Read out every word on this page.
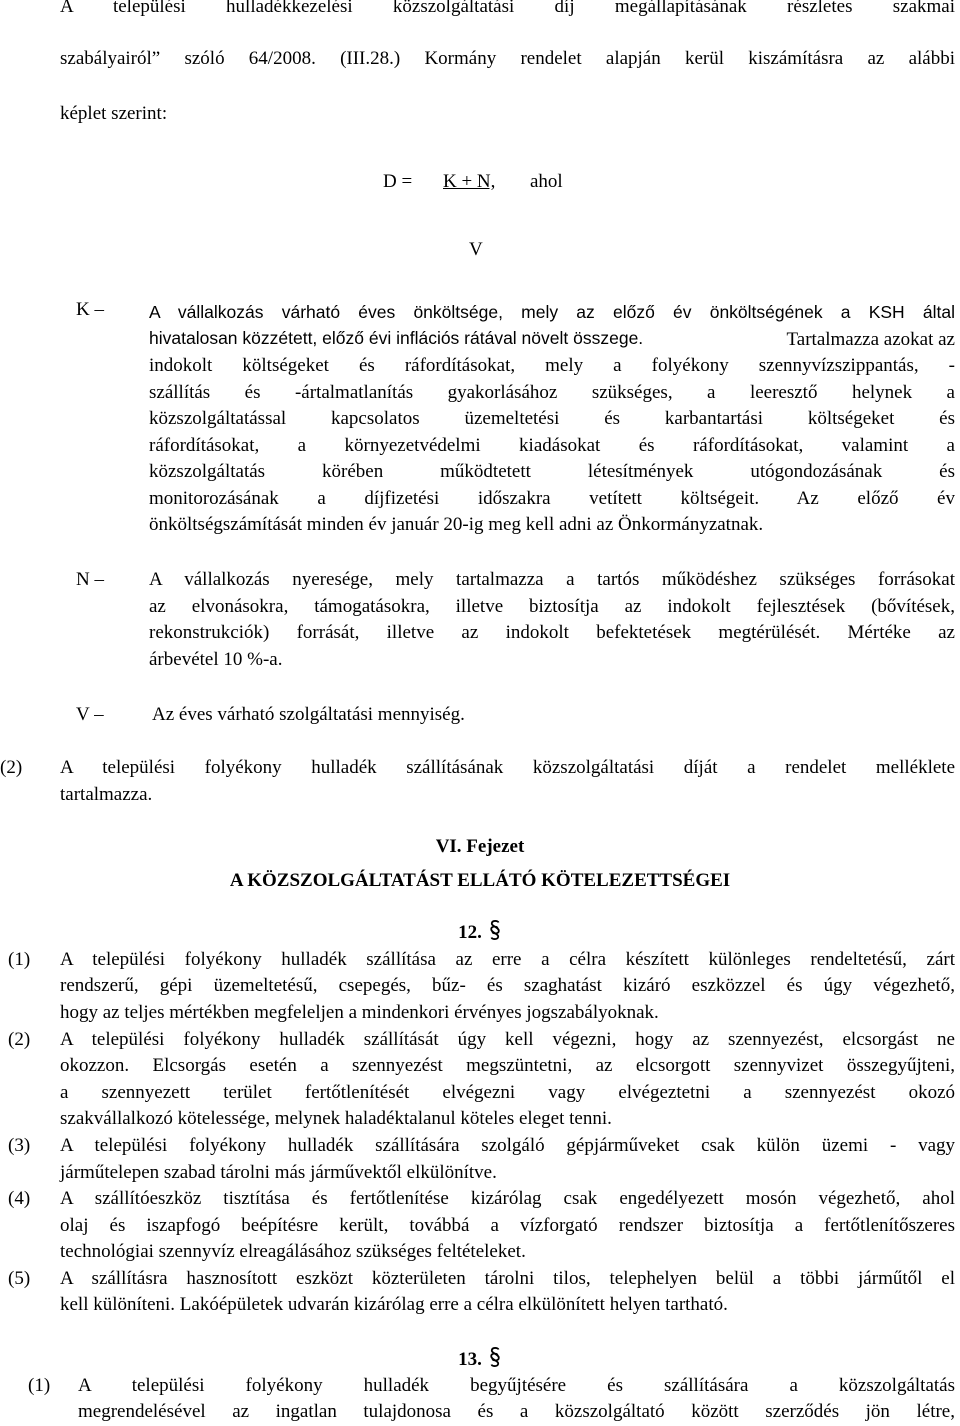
A települési hulladékkezelési közszolgáltatási díj megállapításának részletes szakmai
szabályairól” szóló 64/2008. (III.28.) Kormány rendelet alapján kerül kiszámításra az alábbi
képlet szerint:
D = K + N, ahol
V
K –	A vállalkozás várható éves önköltsége, mely az előző év önköltségének a KSH által
hivatalosan közzétett, előző évi inflációs rátával növelt összege.	Tartalmazza azokat az
indokolt költségeket és ráfordításokat, mely a folyékony szennyvízszippantás, -
szállítás és -ártalmatlanítás gyakorlásához szükséges, a leeresztő helynek a
közszolgáltatással kapcsolatos üzemeltetési és karbantartási költségeket és
ráfordításokat, a környezetvédelmi kiadásokat és ráfordításokat, valamint a
közszolgáltatás körében működtetett létesítmények utógondozásának és
monitorozásának a díjfizetési időszakra vetített költségeit. Az előző év
önköltségszámítását minden év január 20-ig meg kell adni az Önkormányzatnak.
N – A vállalkozás nyeresége, mely tartalmazza a tartós működéshez szükséges forrásokat
az elvonásokra, támogatásokra, illetve biztosítja az indokolt fejlesztések (bővítések,
rekonstrukciók) forrását, illetve az indokolt befektetések megtérülését. Mértéke az
árbevétel 10 %-a.
V –	Az éves várható szolgáltatási mennyiség.
(2) A települési folyékony hulladék szállításának közszolgáltatási díját a rendelet melléklete
tartalmazza.
VI. Fejezet
A KÖZSZOLGÁLTATÁST ELLÁTÓ KÖTELEZETTSÉGEI
12.
(1) A települési folyékony hulladék szállítása az erre a célra készített különleges rendeltetésű, zárt
rendszerű, gépi üzemeltetésű, csepegés, bűz- és szaghatást kizáró eszközzel és úgy végezhető,
hogy az teljes mértékben megfeleljen a mindenkori érvényes jogszabályoknak.
(2) A települési folyékony hulladék szállítását úgy kell végezni, hogy az szennyezést, elcsorgást ne
okozzon. Elcsorgás esetén a szennyezést megszüntetni, az elcsorgott szennyvizet összegyűjteni,
a szennyezett terület fertőtlenítését elvégezni vagy elvégeztetni a szennyezést okozó
szakvállalkozó kötelessége, melynek haladéktalanul köteles eleget tenni.
(3) A települési folyékony hulladék szállítására szolgáló gépjárműveket csak külön üzemi - vagy
járműtelepen szabad tárolni más járművektől elkülönítve.
(4) A szállítóeszköz tisztítása és fertőtlenítése kizárólag csak engedélyezett mosón végezhető, ahol
olaj és iszapfogó beépítésre került, továbbá a vízforgató rendszer biztosítja a fertőtlenítőszeres
technológiai szennyvíz elreagálásához szükséges feltételeket.
(5) A szállításra hasznosított eszközt közterületen tárolni tilos, telephelyen belül a többi járműtől el
kell különíteni. Lakóépületek udvarán kizárólag erre a célra elkülönített helyen tartható.
13.
(1) A települési folyékony hulladék begyűjtésére és szállítására a közszolgáltatás
megrendelésével az ingatlan tulajdonosa és a közszolgáltató között szerződés jön létre,
